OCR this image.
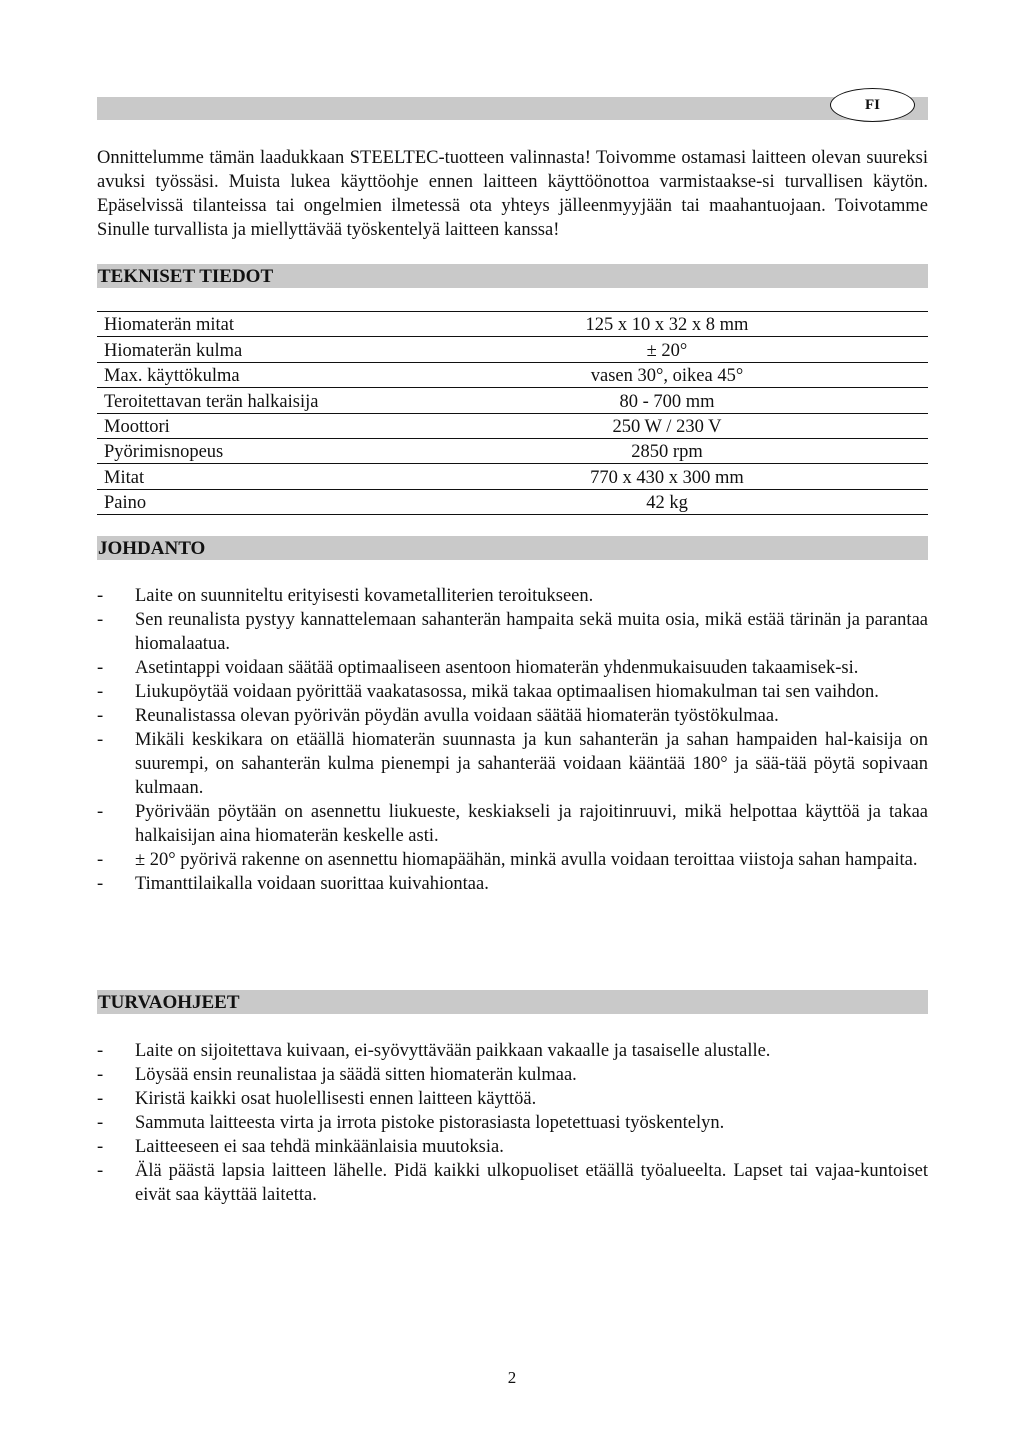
FI

Onnittelumme tämän laadukkaan STEELTEC-tuotteen valinnasta! Toivomme ostamasi laitteen olevan suureksi avuksi työssäsi. Muista lukea käyttöohje ennen laitteen käyttöönottoa varmistaakse-si turvallisen käytön. Epäselvissä tilanteissa tai ongelmien ilmetessä ota yhteys jälleenmyyjään tai maahantuojaan. Toivotamme Sinulle turvallista ja miellyttävää työskentelyä laitteen kanssa!

TEKNISET TIEDOT
Hiomaterän mitat	125 x 10 x 32 x 8 mm
Hiomaterän kulma	± 20°
Max. käyttökulma	vasen 30°, oikea 45°
Teroitettavan terän halkaisija	80 - 700 mm
Moottori	250 W / 230 V
Pyörimisnopeus	2850 rpm
Mitat	770 x 430 x 300 mm
Paino	42 kg
JOHDANTO
- Laite on suunniteltu erityisesti kovametalliterien teroitukseen.
- Sen reunalista pystyy kannattelemaan sahanterän hampaita sekä muita osia, mikä estää tärinän ja parantaa hiomalaatua.
- Asetintappi voidaan säätää optimaaliseen asentoon hiomaterän yhdenmukaisuuden takaamisek-si.
- Liukupöytää voidaan pyörittää vaakatasossa, mikä takaa optimaalisen hiomakulman tai sen vaihdon.
- Reunalistassa olevan pyörivän pöydän avulla voidaan säätää hiomaterän työstökulmaa.
- Mikäli keskikara on etäällä hiomaterän suunnasta ja kun sahanterän ja sahan hampaiden hal-kaisija on suurempi, on sahanterän kulma pienempi ja sahanterää voidaan kääntää 180° ja sää-tää pöytä sopivaan kulmaan.
- Pyörivään pöytään on asennettu liukueste, keskiakseli ja rajoitinruuvi, mikä helpottaa käyttöä ja takaa halkaisijan aina hiomaterän keskelle asti.
- ± 20° pyörivä rakenne on asennettu hiomapäähän, minkä avulla voidaan teroittaa viistoja sahan hampaita.
- Timanttilaikalla voidaan suorittaa kuivahiontaa.
TURVAOHJEET
- Laite on sijoitettava kuivaan, ei-syövyttävään paikkaan vakaalle ja tasaiselle alustalle.
- Löysää ensin reunalistaa ja säädä sitten hiomaterän kulmaa.
- Kiristä kaikki osat huolellisesti ennen laitteen käyttöä.
- Sammuta laitteesta virta ja irrota pistoke pistorasiasta lopetettuasi työskentelyn.
- Laitteeseen ei saa tehdä minkäänlaisia muutoksia.
- Älä päästä lapsia laitteen lähelle. Pidä kaikki ulkopuoliset etäällä työalueelta. Lapset tai vajaa-kuntoiset eivät saa käyttää laitetta.
2
